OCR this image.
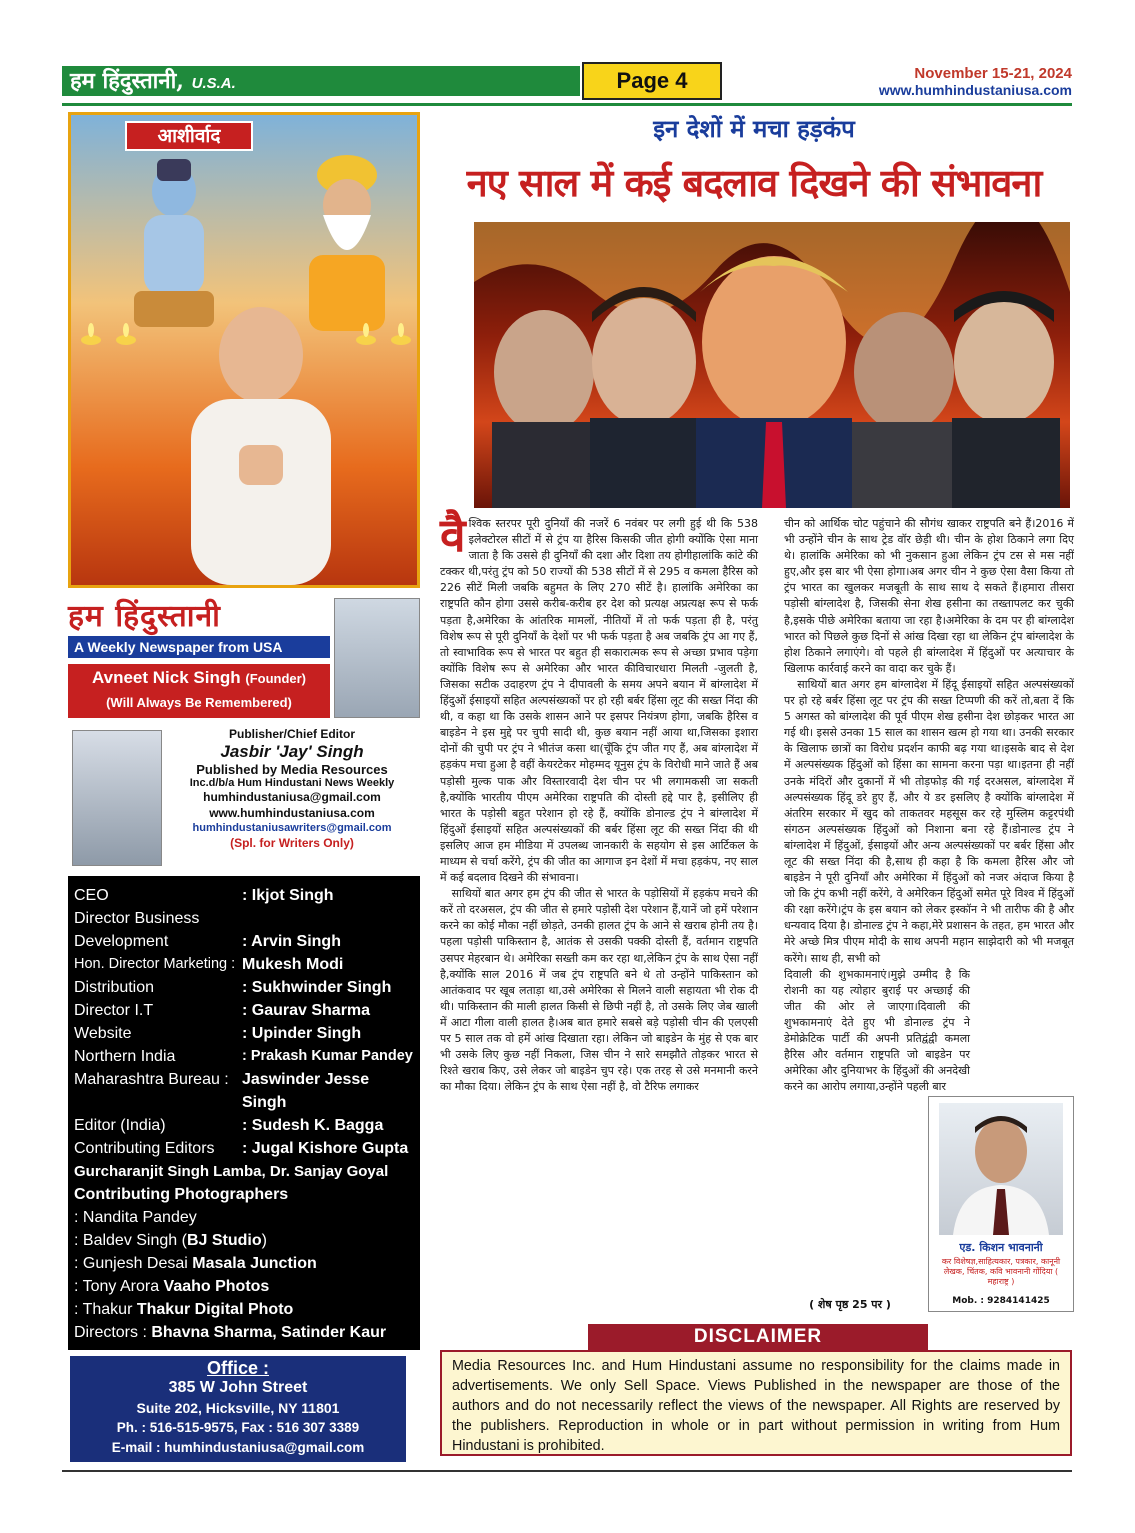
हम हिंदुस्तानी, U.S.A.	Page 4	November 15-21, 2024
www.humhindustaniusa.com
आशीर्वाद
हम हिंदुस्तानी
A Weekly Newspaper from USA
Avneet Nick Singh (Founder)
(Will Always Be Remembered)
Publisher/Chief Editor
Jasbir 'Jay' Singh
Published by Media Resources
Inc.d/b/a Hum Hindustani News Weekly
humhindustaniusa@gmail.com
www.humhindustaniusa.com
humhindustaniusawriters@gmail.com
(Spl. for Writers Only)
CEO	: Ikjot Singh
Director Business
Development	: Arvin Singh
Hon. Director Marketing : Mukesh Modi
Distribution	: Sukhwinder Singh
Director I.T	: Gaurav Sharma
Website	: Upinder Singh
Northern India	: Prakash Kumar Pandey
Maharashtra Bureau : Jaswinder Jesse
Singh
Editor (India)	: Sudesh K. Bagga
Contributing Editors	: Jugal Kishore Gupta
Gurcharanjit Singh Lamba, Dr. Sanjay Goyal
Contributing Photographers
: Nandita Pandey
: Baldev Singh (BJ Studio)
: Gunjesh Desai Masala Junction
: Tony Arora Vaaho Photos
: Thakur Thakur Digital Photo
Directors : Bhavna Sharma, Satinder Kaur
Office :
385 W John Street
Suite 202, Hicksville, NY 11801
Ph. : 516-515-9575, Fax : 516 307 3389
E-mail : humhindustaniusa@gmail.com
इन देशों में मचा हड़कंप
नए साल में कई बदलाव दिखने की संभावना

वैश्विक स्तरपर पूरी दुनियाँ की नजरें 6 नवंबर पर लगी हुई थी कि 538 इलेक्टोरल सीटों में से ट्रंप या हैरिस किसकी जीत होगी क्योंकि ऐसा माना जाता है कि उससे ही दुनियाँ की दशा और दिशा तय होगीहालांकि कांटे की टक्कर थी,परंतु ट्रंप को 50 राज्यों की 538 सीटों में से 295 व कमला हैरिस को 226 सीटें मिली जबकि बहुमत के लिए 270 सीटें है। हालांकि अमेरिका का राष्ट्रपति कौन होगा उससे करीब-करीब हर देश को प्रत्यक्ष अप्रत्यक्ष रूप से फर्क पड़ता है,अमेरिका के आंतरिक मामलों, नीतियों में तो फर्क पड़ता ही है, परंतु विशेष रूप से पूरी दुनियाँ के देशों पर भी फर्क पड़ता है अब जबकि ट्रंप आ गए हैं, तो स्वाभाविक रूप से भारत पर बहुत ही सकारात्मक रूप से अच्छा प्रभाव पड़ेगा क्योंकि विशेष रूप से अमेरिका और भारत कीविचारधारा मिलती -जुलती है, जिसका सटीक उदाहरण ट्रंप ने दीपावली के समय अपने बयान में बांग्लादेश में हिंदुओं ईसाइयों सहित अल्पसंख्यकों पर हो रही बर्बर हिंसा लूट की सख्त निंदा की थी, व कहा था कि उसके शासन आने पर इसपर नियंत्रण होगा, जबकि हैरिस व बाइडेन ने इस मुद्दे पर चुपी सादी थी, कुछ बयान नहीं आया था,जिसका इशारा दोनों की चुपी पर ट्रंप ने भीतंज कसा था(चूँकि ट्रंप जीत गए हैं, अब बांग्लादेश में हड़कंप मचा हुआ है वहीं केयरटेकर मोहम्मद यूनुस ट्रंप के विरोधी माने जाते हैं अब पड़ोसी मुल्क पाक और विस्तारवादी देश चीन पर भी लगामकसी जा सकती है,क्योंकि भारतीय पीएम अमेरिका राष्ट्रपति की दोस्ती हद्दे पार है, इसीलिए ही भारत के पड़ोसी बहुत परेशान हो रहे हैं, क्योंकि डोनाल्ड ट्रंप ने बांग्लादेश में हिंदुओं ईसाइयों सहित अल्पसंख्यकों की बर्बर हिंसा लूट की सख्त निंदा की थी इसलिए आज हम मीडिया में उपलब्ध जानकारी के सहयोग से इस आर्टिकल के माध्यम से चर्चा करेंगे, ट्रंप की जीत का आगाज इन देशों में मचा हड़कंप, नए साल में कई बदलाव दिखने की संभावना।

साथियों बात अगर हम ट्रंप की जीत से भारत के पड़ोसियों में हड़कंप मचने की करें तो दरअसल, ट्रंप की जीत से हमारे पड़ोसी देश परेशान हैं,यानें जो हमें परेशान करने का कोई मौका नहीं छोड़ते, उनकी हालत ट्रंप के आने से खराब होनी तय है। पहला पड़ोसी पाकिस्तान है, आतंक से उसकी पक्की दोस्ती हैं, वर्तमान राष्ट्रपति उसपर मेहरबान थे। अमेरिका सख्ती कम कर रहा था,लेकिन ट्रंप के साथ ऐसा नहीं है,क्योंकि साल 2016 में जब ट्रंप राष्ट्रपति बने थे तो उन्होंने पाकिस्तान को आतंकवाद पर खूब लताड़ा था,उसे अमेरिका से मिलने वाली सहायता भी रोक दी थी। पाकिस्तान की माली हालत किसी से छिपी नहीं है, तो उसके लिए जेब खाली में आटा गीला वाली हालत है।अब बात हमारे सबसे बड़े पड़ोसी चीन की एलएसी पर 5 साल तक वो हमें आंख दिखाता रहा। लेकिन जो बाइडेन के मुंह से एक बार भी उसके लिए कुछ नहीं निकला, जिस चीन ने सारे समझौते तोड़कर भारत से रिश्ते खराब किए, उसे लेकर जो बाइडेन चुप रहे। एक तरह से उसे मनमानी करने का मौका दिया। लेकिन ट्रंप के साथ ऐसा नहीं है, वो टैरिफ लगाकर

चीन को आर्थिक चोट पहुंचाने की सौगंध खाकर राष्ट्रपति बने हैं।2016 में भी उन्होंने चीन के साथ ट्रेड वॉर छेड़ी थी। चीन के होश ठिकाने लगा दिए थे। हालांकि अमेरिका को भी नुकसान हुआ लेकिन ट्रंप टस से मस नहीं हुए,और इस बार भी ऐसा होगा।अब अगर चीन ने कुछ ऐसा वैसा किया तो ट्रंप भारत का खुलकर मजबूती के साथ साथ दे सकते हैं।हमारा तीसरा पड़ोसी बांग्लादेश है, जिसकी सेना शेख हसीना का तख्तापलट कर चुकी है,इसके पीछे अमेरिका बताया जा रहा है।अमेरिका के दम पर ही बांग्लादेश भारत को पिछले कुछ दिनों से आंख दिखा रहा था लेकिन ट्रंप बांग्लादेश के होश ठिकाने लगाएंगे। वो पहले ही बांग्लादेश में हिंदुओं पर अत्याचार के खिलाफ कार्रवाई करने का वादा कर चुके हैं।

साथियों बात अगर हम बांग्लादेश में हिंदू ईसाइयों सहित अल्पसंख्यकों पर हो रहे बर्बर हिंसा लूट पर ट्रंप की सख्त टिप्पणी की करें तो,बता दें कि 5 अगस्त को बांग्लादेश की पूर्व पीएम शेख हसीना देश छोड़कर भारत आ गई थी। इससे उनका 15 साल का शासन खत्म हो गया था। उनकी सरकार के खिलाफ छात्रों का विरोध प्रदर्शन काफी बढ़ गया था।इसके बाद से देश में अल्पसंख्यक हिंदुओं को हिंसा का सामना करना पड़ा था।इतना ही नहीं उनके मंदिरों और दुकानों में भी तोड़फोड़ की गई दरअसल, बांग्लादेश में अल्पसंख्यक हिंदू डरे हुए हैं, और ये डर इसलिए है क्योंकि बांग्लादेश में अंतरिम सरकार में खुद को ताकतवर महसूस कर रहे मुस्लिम कट्टरपंथी संगठन अल्पसंख्यक हिंदुओं को निशाना बना रहे हैं।डोनाल्ड ट्रंप ने बांग्लादेश में हिंदुओं, ईसाइयों और अन्य अल्पसंख्यकों पर बर्बर हिंसा और लूट की सख्त निंदा की है,साथ ही कहा है कि कमला हैरिस और जो बाइडेन ने पूरी दुनियाँ और अमेरिका में हिंदुओं को नजर अंदाज किया है जो कि ट्रंप कभी नहीं करेंगे, वे अमेरिकन हिंदुओं समेत पूरे विश्व में हिंदुओं की रक्षा करेंगे।ट्रंप के इस बयान को लेकर इस्कॉन ने भी तारीफ की है और धन्यवाद दिया है। डोनाल्ड ट्रंप ने कहा,मेरे प्रशासन के तहत, हम भारत और मेरे अच्छे मित्र पीएम मोदी के साथ अपनी महान साझेदारी को भी मजबूत करेंगे। साथ ही, सभी को

दिवाली की शुभकामनाएं।मुझे उम्मीद है कि रोशनी का यह त्योहार बुराई पर अच्छाई की जीत की ओर ले जाएगा।दिवाली की शुभकामनाएं देते हुए भी डोनाल्ड ट्रंप ने डेमोक्रेटिक पार्टी की अपनी प्रतिद्वंद्वी कमला हैरिस और वर्तमान राष्ट्रपति जो बाइडेन पर अमेरिका और दुनियाभर के हिंदुओं की अनदेखी करने का आरोप लगाया,उन्होंने पहली बार

एड. किशन भावनानी
कर विशेषज्ञ,साहित्यकार, पत्रकार, कानूनी लेखक, चिंतक, कवि भावनानी गोंदिया ( महाराष्ट्र )
Mob. : 9284141425
( शेष पृष्ठ 25 पर )
DISCLAIMER
Media Resources Inc. and Hum Hindustani assume no responsibility for the claims made in advertisements. We only Sell Space. Views Published in the newspaper are those of the authors and do not necessarily reflect the views of the newspaper. All Rights are reserved by the publishers. Reproduction in whole or in part without permission in writing from Hum Hindustani is prohibited.
